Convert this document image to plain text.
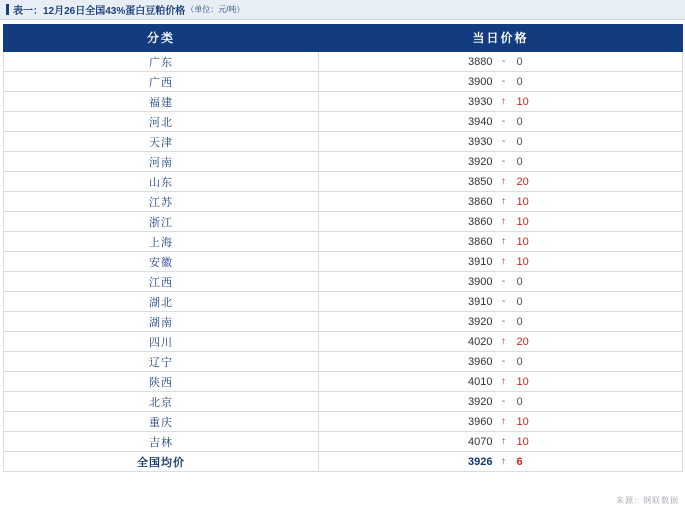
表一： 12月26日全国43%蛋白豆粕价格 （单位：元/吨）
分类	当日价格
广东	3880 - 0

广西	3900 - 0

福建	3930 ↑ 10

河北	3940 - 0

天津	3930 - 0

河南	3920 - 0

山东	3850 ↑ 20

江苏	3860 ↑ 10

浙江	3860 ↑ 10

上海	3860 ↑ 10

安徽	3910 ↑ 10

江西	3900 - 0

湖北	3910 - 0

湖南	3920 - 0

四川	4020 ↑ 20

辽宁	3960 - 0

陕西	4010 ↑ 10

北京	3920 - 0

重庆	3960 ↑ 10

吉林	4070 ↑ 10

全国均价	3926 ↑ 6
来源：钢联数据
